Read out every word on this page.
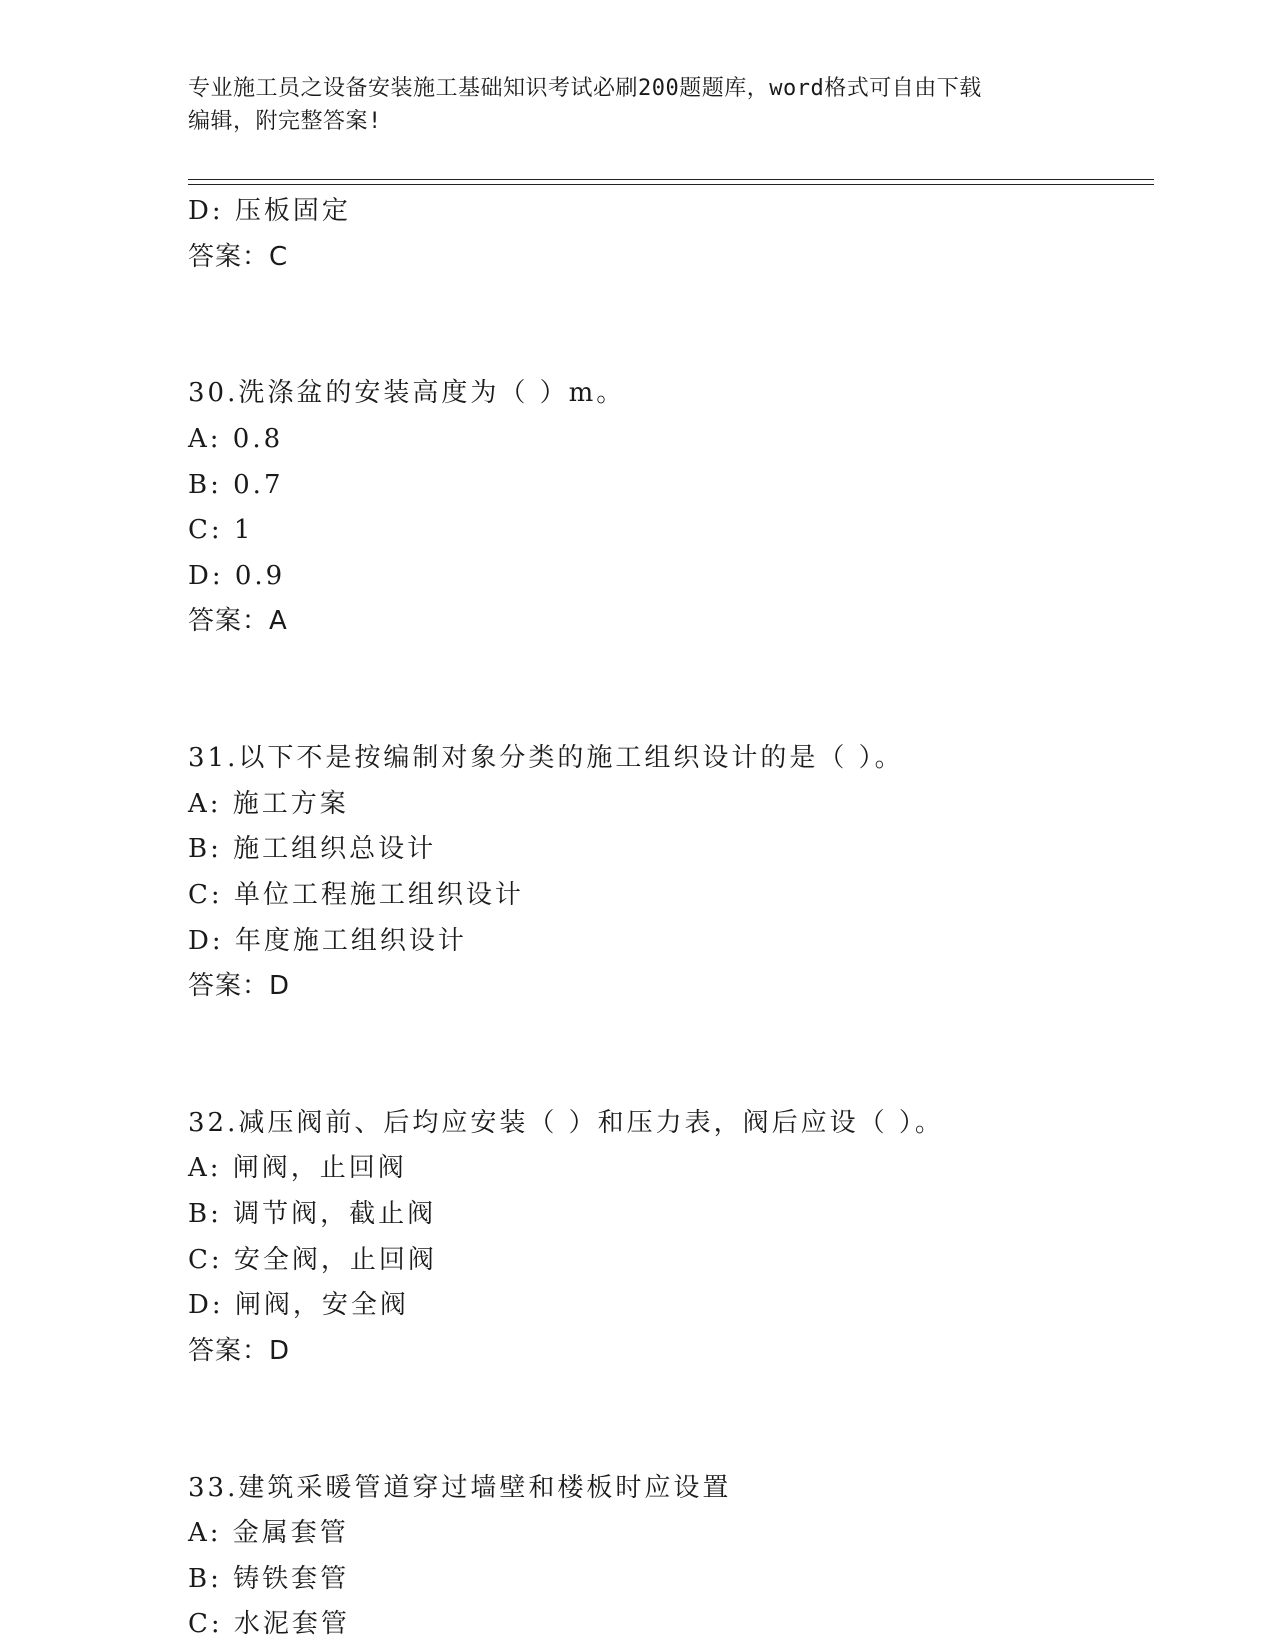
专业施工员之设备安装施工基础知识考试必刷200题题库，word格式可自由下载
编辑，附完整答案!
D: 压板固定
答案：C
30.洗涤盆的安装高度为（ ）m。
A: 0.8
B: 0.7
C: 1
D: 0.9
答案：A
31.以下不是按编制对象分类的施工组织设计的是（ ）。
A: 施工方案
B: 施工组织总设计
C: 单位工程施工组织设计
D: 年度施工组织设计
答案：D
32.减压阀前、后均应安装（ ）和压力表，阀后应设（ ）。
A: 闸阀，止回阀
B: 调节阀，截止阀
C: 安全阀，止回阀
D: 闸阀，安全阀
答案：D
33.建筑采暖管道穿过墙壁和楼板时应设置
A: 金属套管
B: 铸铁套管
C: 水泥套管
